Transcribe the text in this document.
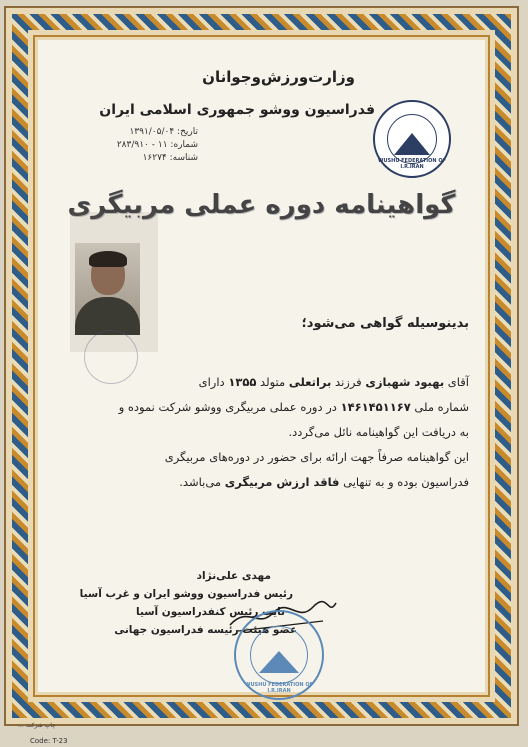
وزارت‌ورزش‌وجوانان
فدراسیون ووشو جمهوری اسلامی ایران
WUSHU FEDERATION OF I.R.IRAN
تاریخ: ۱۳۹۱/۰۵/۰۴
شماره: ۱۱ - ۲۸۳/۹۱۰
شناسه: ۱۶۲۷۴
گواهینامه دوره عملی مربیگری
بدینوسیله گواهی می‌شود؛
آقای بهبود شهبازی فرزند براتعلی متولد ۱۳۵۵ دارای
شماره ملی ۱۴۶۱۴۵۱۱۶۷ در دوره عملی مربیگری ووشو شرکت نموده و
به دریافت این گواهینامه نائل می‌گردد.
این گواهینامه صرفاً جهت ارائه برای حضور در دوره‌های مربیگری
فدراسیون بوده و به تنهایی فاقد ارزش مربیگری می‌باشد.
مهدی علی‌نژاد
رئیس فدراسیون ووشو ایران و غرب آسیا
نایب رئیس کنفدراسیون آسیا
عضو هیئت رئیسه فدراسیون جهانی
WUSHU FEDERATION OF I.R.IRAN
چاپ شرکت ...
Code: T-23
